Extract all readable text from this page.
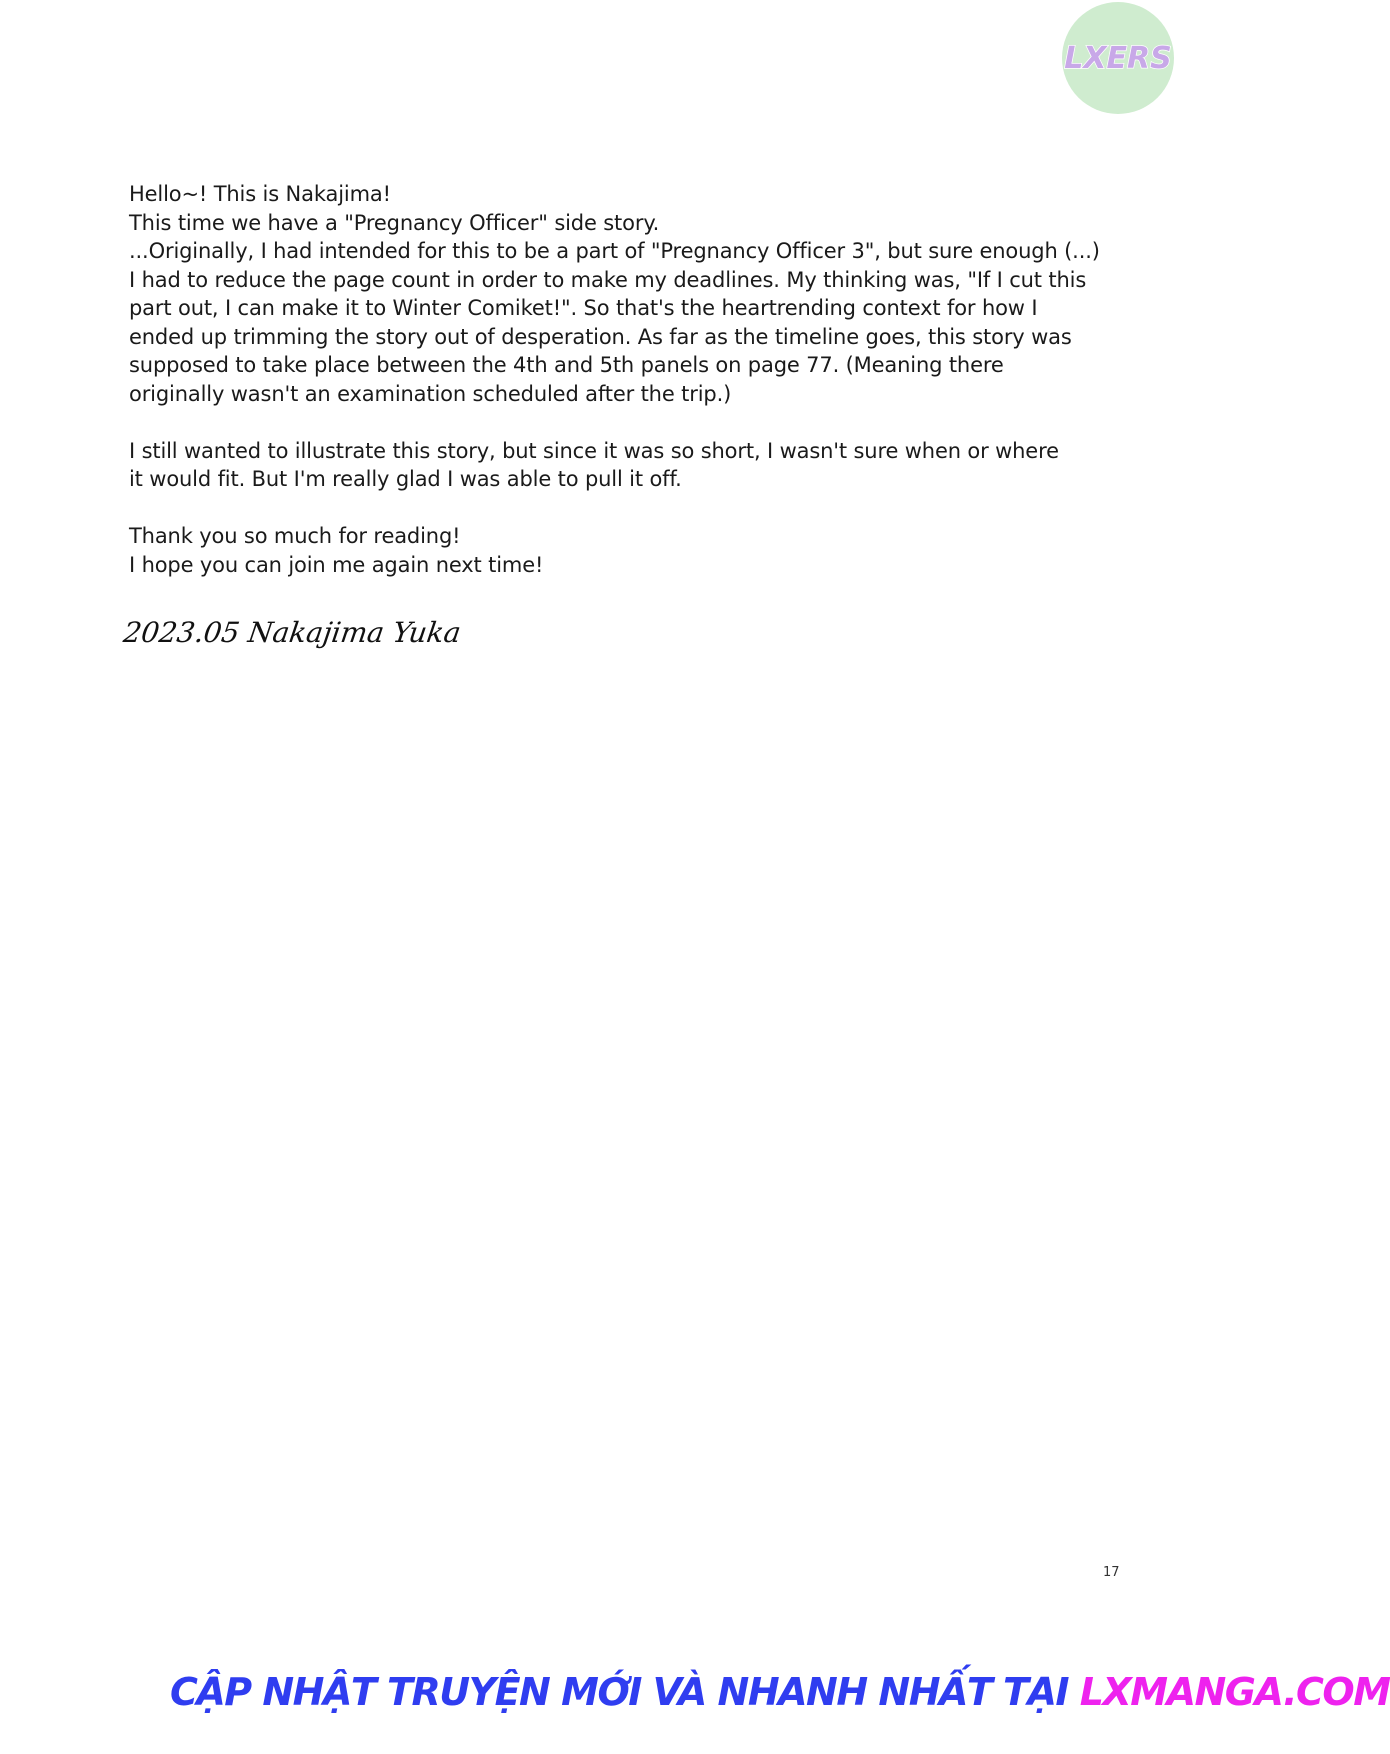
LXERS

Hello~! This is Nakajima!
This time we have a "Pregnancy Officer" side story.
...Originally, I had intended for this to be a part of "Pregnancy Officer 3", but sure enough (...)
I had to reduce the page count in order to make my deadlines. My thinking was, "If I cut this
part out, I can make it to Winter Comiket!". So that's the heartrending context for how I
ended up trimming the story out of desperation. As far as the timeline goes, this story was
supposed to take place between the 4th and 5th panels on page 77. (Meaning there
originally wasn't an examination scheduled after the trip.)

I still wanted to illustrate this story, but since it was so short, I wasn't sure when or where
it would fit. But I'm really glad I was able to pull it off.

Thank you so much for reading!
I hope you can join me again next time!

2023.05 Nakajima Yuka
17
CẬP NHẬT TRUYỆN MỚI VÀ NHANH NHẤT TẠI LXMANGA.COM
